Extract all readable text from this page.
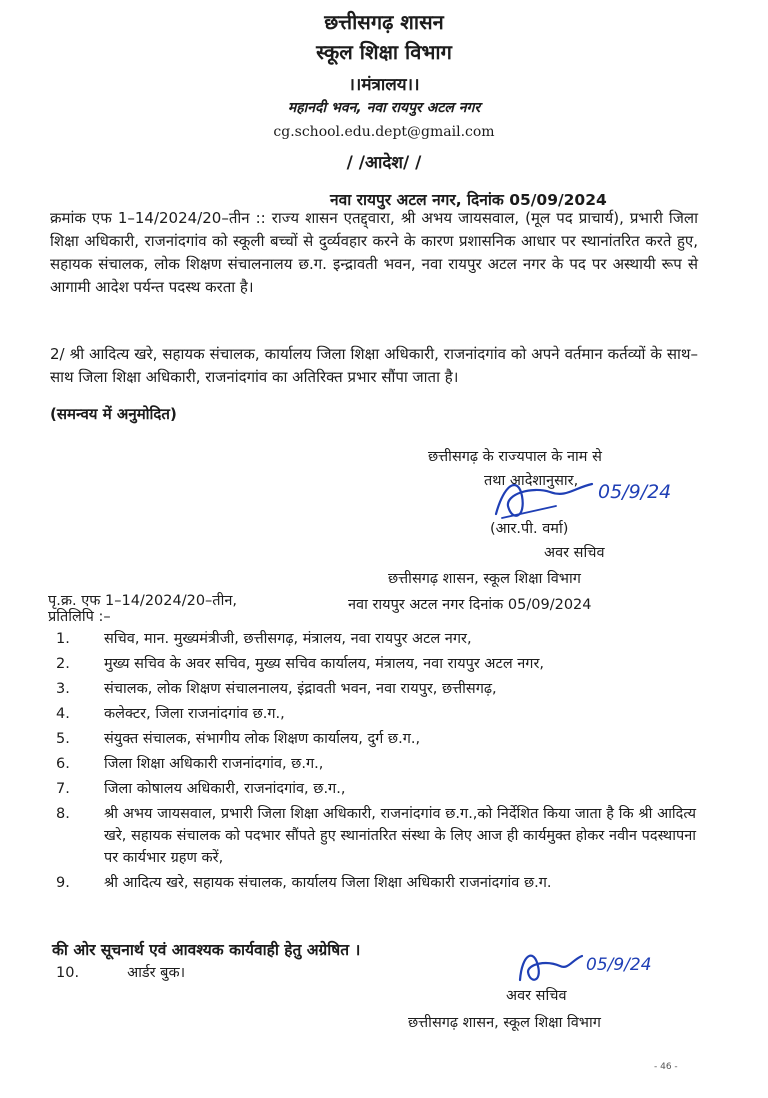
छत्तीसगढ़ शासन
स्कूल शिक्षा विभाग
।।मंत्रालय।।
महानदी भवन, नवा रायपुर अटल नगर
cg.school.edu.dept@gmail.com
/ /आदेश/ /
नवा रायपुर अटल नगर, दिनांक 05/09/2024
क्रमांक एफ 1–14/2024/20–तीन :: राज्य शासन एतद्द्वारा, श्री अभय जायसवाल, (मूल पद प्राचार्य), प्रभारी जिला शिक्षा अधिकारी, राजनांदगांव को स्कूली बच्चों से दुर्व्यवहार करने के कारण प्रशासनिक आधार पर स्थानांतरित करते हुए, सहायक संचालक, लोक शिक्षण संचालनालय छ.ग. इन्द्रावती भवन, नवा रायपुर अटल नगर के पद पर अस्थायी रूप से आगामी आदेश पर्यन्त पदस्थ करता है।
2/ श्री आदित्य खरे, सहायक संचालक, कार्यालय जिला शिक्षा अधिकारी, राजनांदगांव को अपने वर्तमान कर्तव्यों के साथ–साथ जिला शिक्षा अधिकारी, राजनांदगांव का अतिरिक्त प्रभार सौंपा जाता है।
(समन्वय में अनुमोदित)
छत्तीसगढ़ के राज्यपाल के नाम से
तथा आदेशानुसार, 05/9/24
(आर.पी. वर्मा)
अवर सचिव
छत्तीसगढ़ शासन, स्कूल शिक्षा विभाग
पृ.क्र. एफ 1–14/2024/20–तीन,	नवा रायपुर अटल नगर दिनांक 05/09/2024
प्रतिलिपि :–
1.	सचिव, मान. मुख्यमंत्रीजी, छत्तीसगढ़, मंत्रालय, नवा रायपुर अटल नगर,
2.	मुख्य सचिव के अवर सचिव, मुख्य सचिव कार्यालय, मंत्रालय, नवा रायपुर अटल नगर,
3.	संचालक, लोक शिक्षण संचालनालय, इंद्रावती भवन, नवा रायपुर, छत्तीसगढ़,
4.	कलेक्टर, जिला राजनांदगांव छ.ग.,
5.	संयुक्त संचालक, संभागीय लोक शिक्षण कार्यालय, दुर्ग छ.ग.,
6.	जिला शिक्षा अधिकारी राजनांदगांव, छ.ग.,
7.	जिला कोषालय अधिकारी, राजनांदगांव, छ.ग.,
8.	श्री अभय जायसवाल, प्रभारी जिला शिक्षा अधिकारी, राजनांदगांव छ.ग.,को निर्देशित किया जाता है कि श्री आदित्य खरे, सहायक संचालक को पदभार सौंपते हुए स्थानांतरित संस्था के लिए आज ही कार्यमुक्त होकर नवीन पदस्थापना पर कार्यभार ग्रहण करें,
9.	श्री आदित्य खरे, सहायक संचालक, कार्यालय जिला शिक्षा अधिकारी राजनांदगांव छ.ग.
की ओर सूचनार्थ एवं आवश्यक कार्यवाही हेतु अग्रेषित ।
10.	आर्डर बुक।	05/9/24
अवर सचिव
छत्तीसगढ़ शासन, स्कूल शिक्षा विभाग
- 46 -
